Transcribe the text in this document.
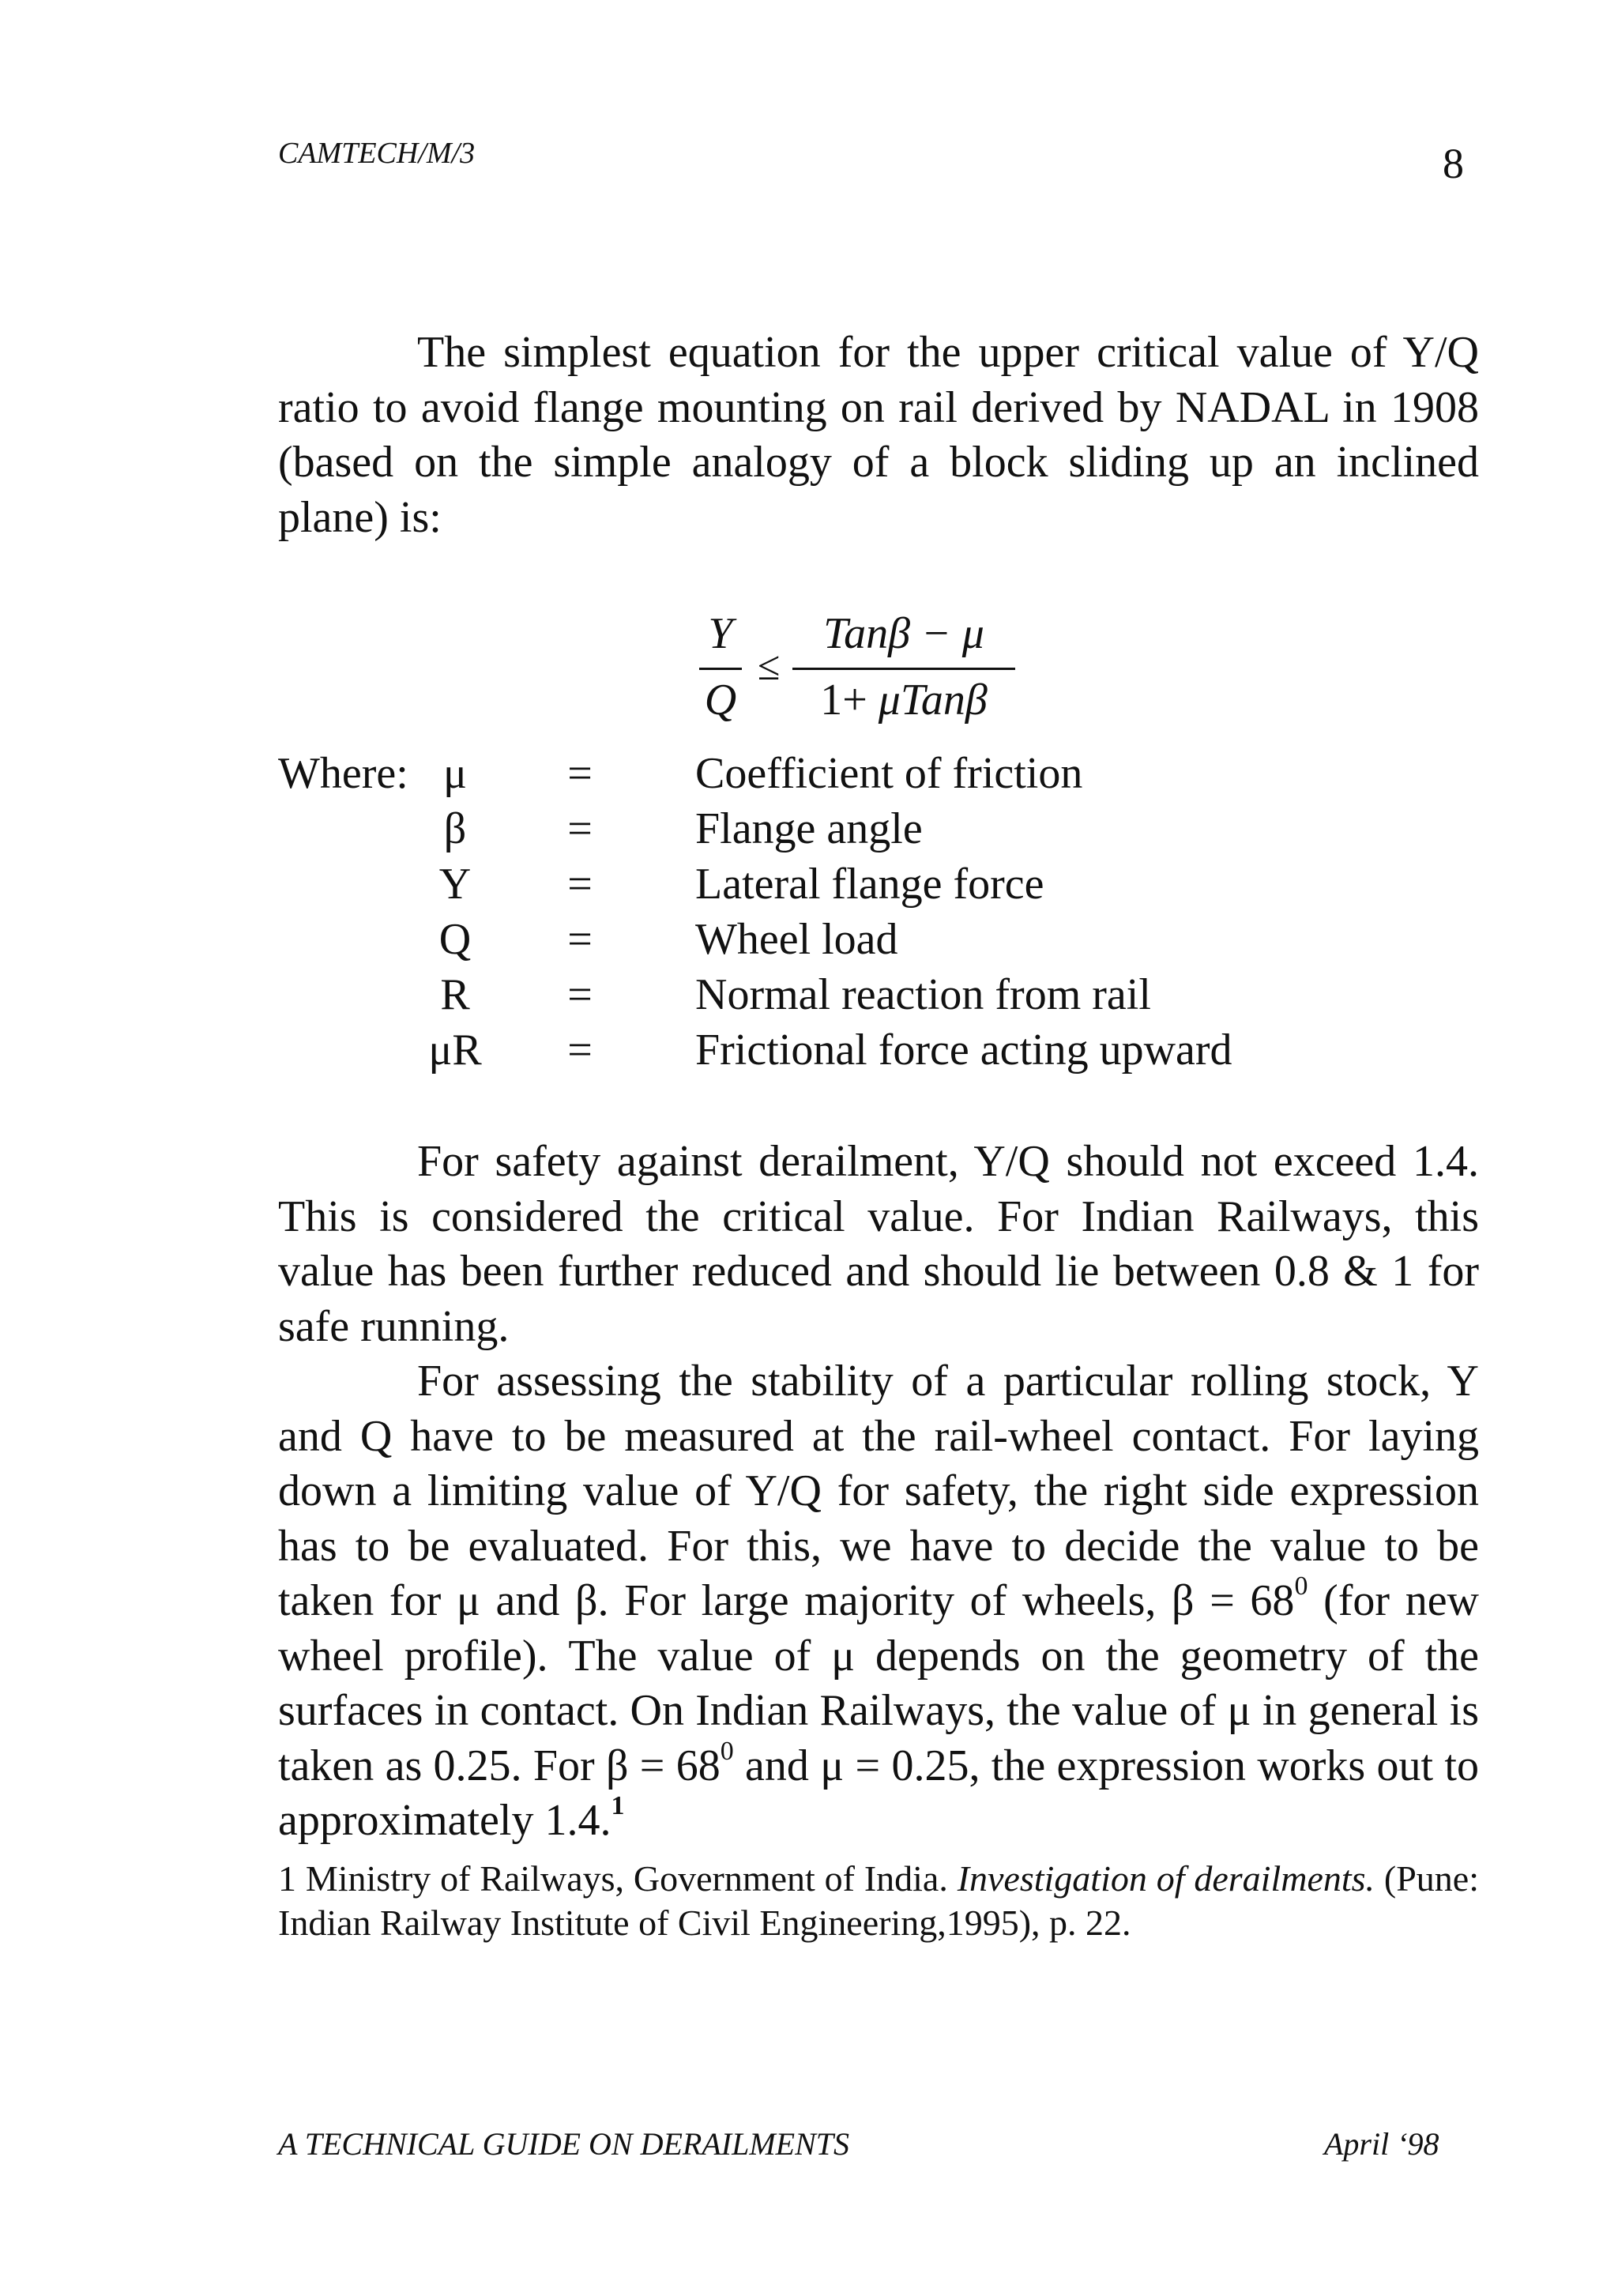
CAMTECH/M/3	8

The simplest equation for the upper critical value of Y/Q ratio to avoid flange mounting on rail derived by NADAL in 1908 (based on the simple analogy of a block sliding up an inclined plane) is:

Y
Q
≤
Tanβ − μ
1+ μTanβ
Where: μ	= Coefficient of friction
β	= Flange angle
Y	= Lateral flange force
Q	= Wheel load
R	= Normal reaction from rail
μR = Frictional force acting upward

For safety against derailment, Y/Q should not exceed 1.4. This is considered the critical value. For Indian Railways, this value has been further reduced and should lie between 0.8 & 1 for safe running.

For assessing the stability of a particular rolling stock, Y and Q have to be measured at the rail-wheel contact. For laying down a limiting value of Y/Q for safety, the right side expression has to be evaluated. For this, we have to decide the value to be taken for μ and β. For large majority of wheels, $\beta = 68^0$ (for new wheel profile). The value of μ depends on the geometry of the surfaces in contact. On Indian Railways, the value of μ in general is taken as 0.25. For $\beta = 68^0$ and μ = 0.25, the expression works out to approximately 1.4.$^1$

1 Ministry of Railways, Government of India. Investigation of derailments. (Pune: Indian Railway Institute of Civil Engineering,1995), p. 22.

A TECHNICAL GUIDE ON DERAILMENTS	April ‘98
